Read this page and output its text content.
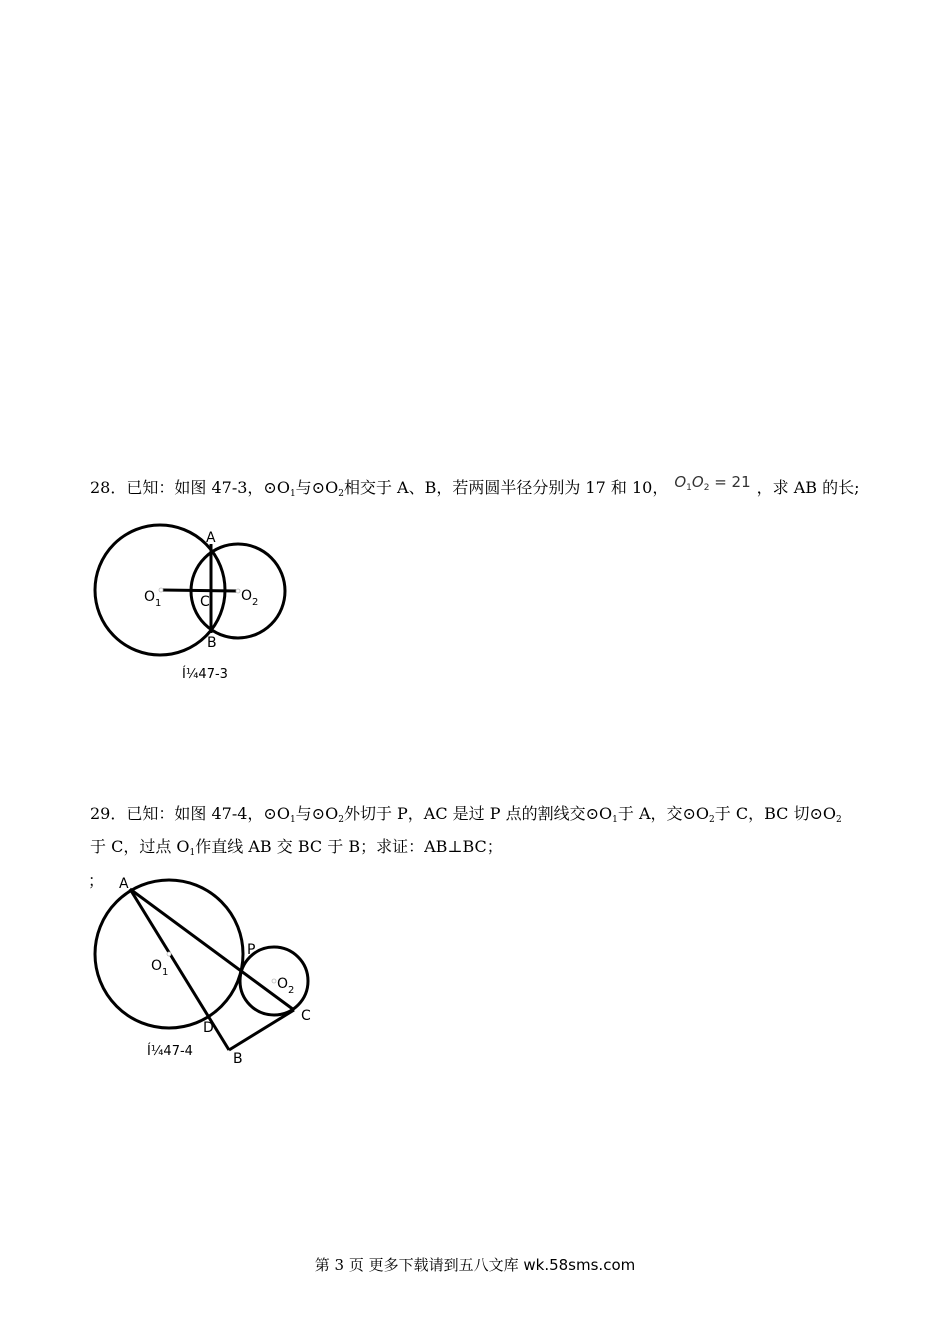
28．已知：如图 47-3，$⊙O_1$与$⊙O_2$相交于 A、B，若两圆半径分别为 17 和 10， $O_1O_2 = 21$ ，求 AB 的长;
A
B
C
$O_1$	$O_2$
Í¼47-3
29．已知：如图 47-4，$⊙O_1$与$⊙O_2$外切于 P，AC 是过 P 点的割线交$⊙O_1$于 A，交$⊙O_2$于 C，BC 切$⊙O_2$
于 C，过点 $O_1$作直线 AB 交 BC 于 B；求证：AB⊥BC；
； A
P
$O_1$
$O_2$
C
D
B
Í¼47-4
第 3 页 更多下载请到五八文库 wk.58sms.com
